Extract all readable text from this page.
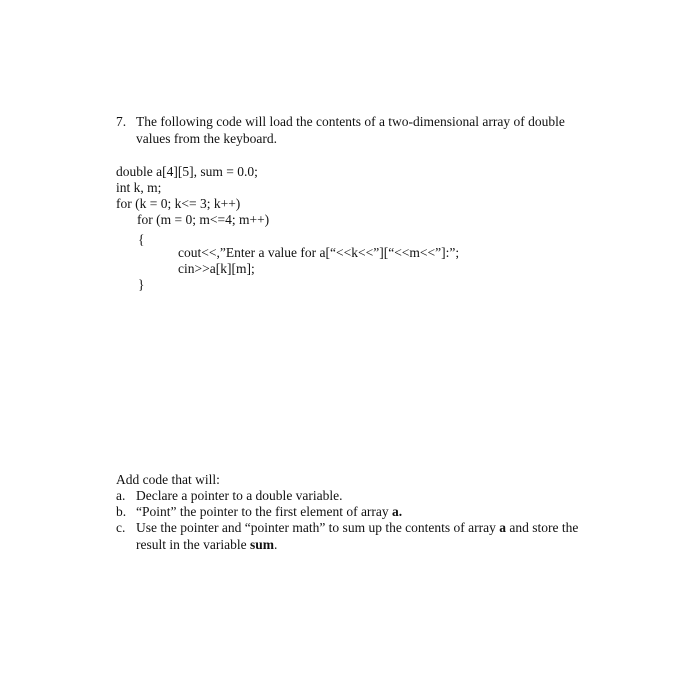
7. The following code will load the contents of a two-dimensional array of double
values from the keyboard.
double a[4][5], sum = 0.0;
int k, m;
for (k = 0; k<= 3; k++)
for (m = 0; m<=4; m++)
{
cout<<,”Enter a value for a[“<<k<<”][“<<m<<”]:”;
cin>>a[k][m];
}
Add code that will:
a. Declare a pointer to a double variable.
b. “Point” the pointer to the first element of array a.
c. Use the pointer and “pointer math” to sum up the contents of array a and store the
result in the variable sum.
